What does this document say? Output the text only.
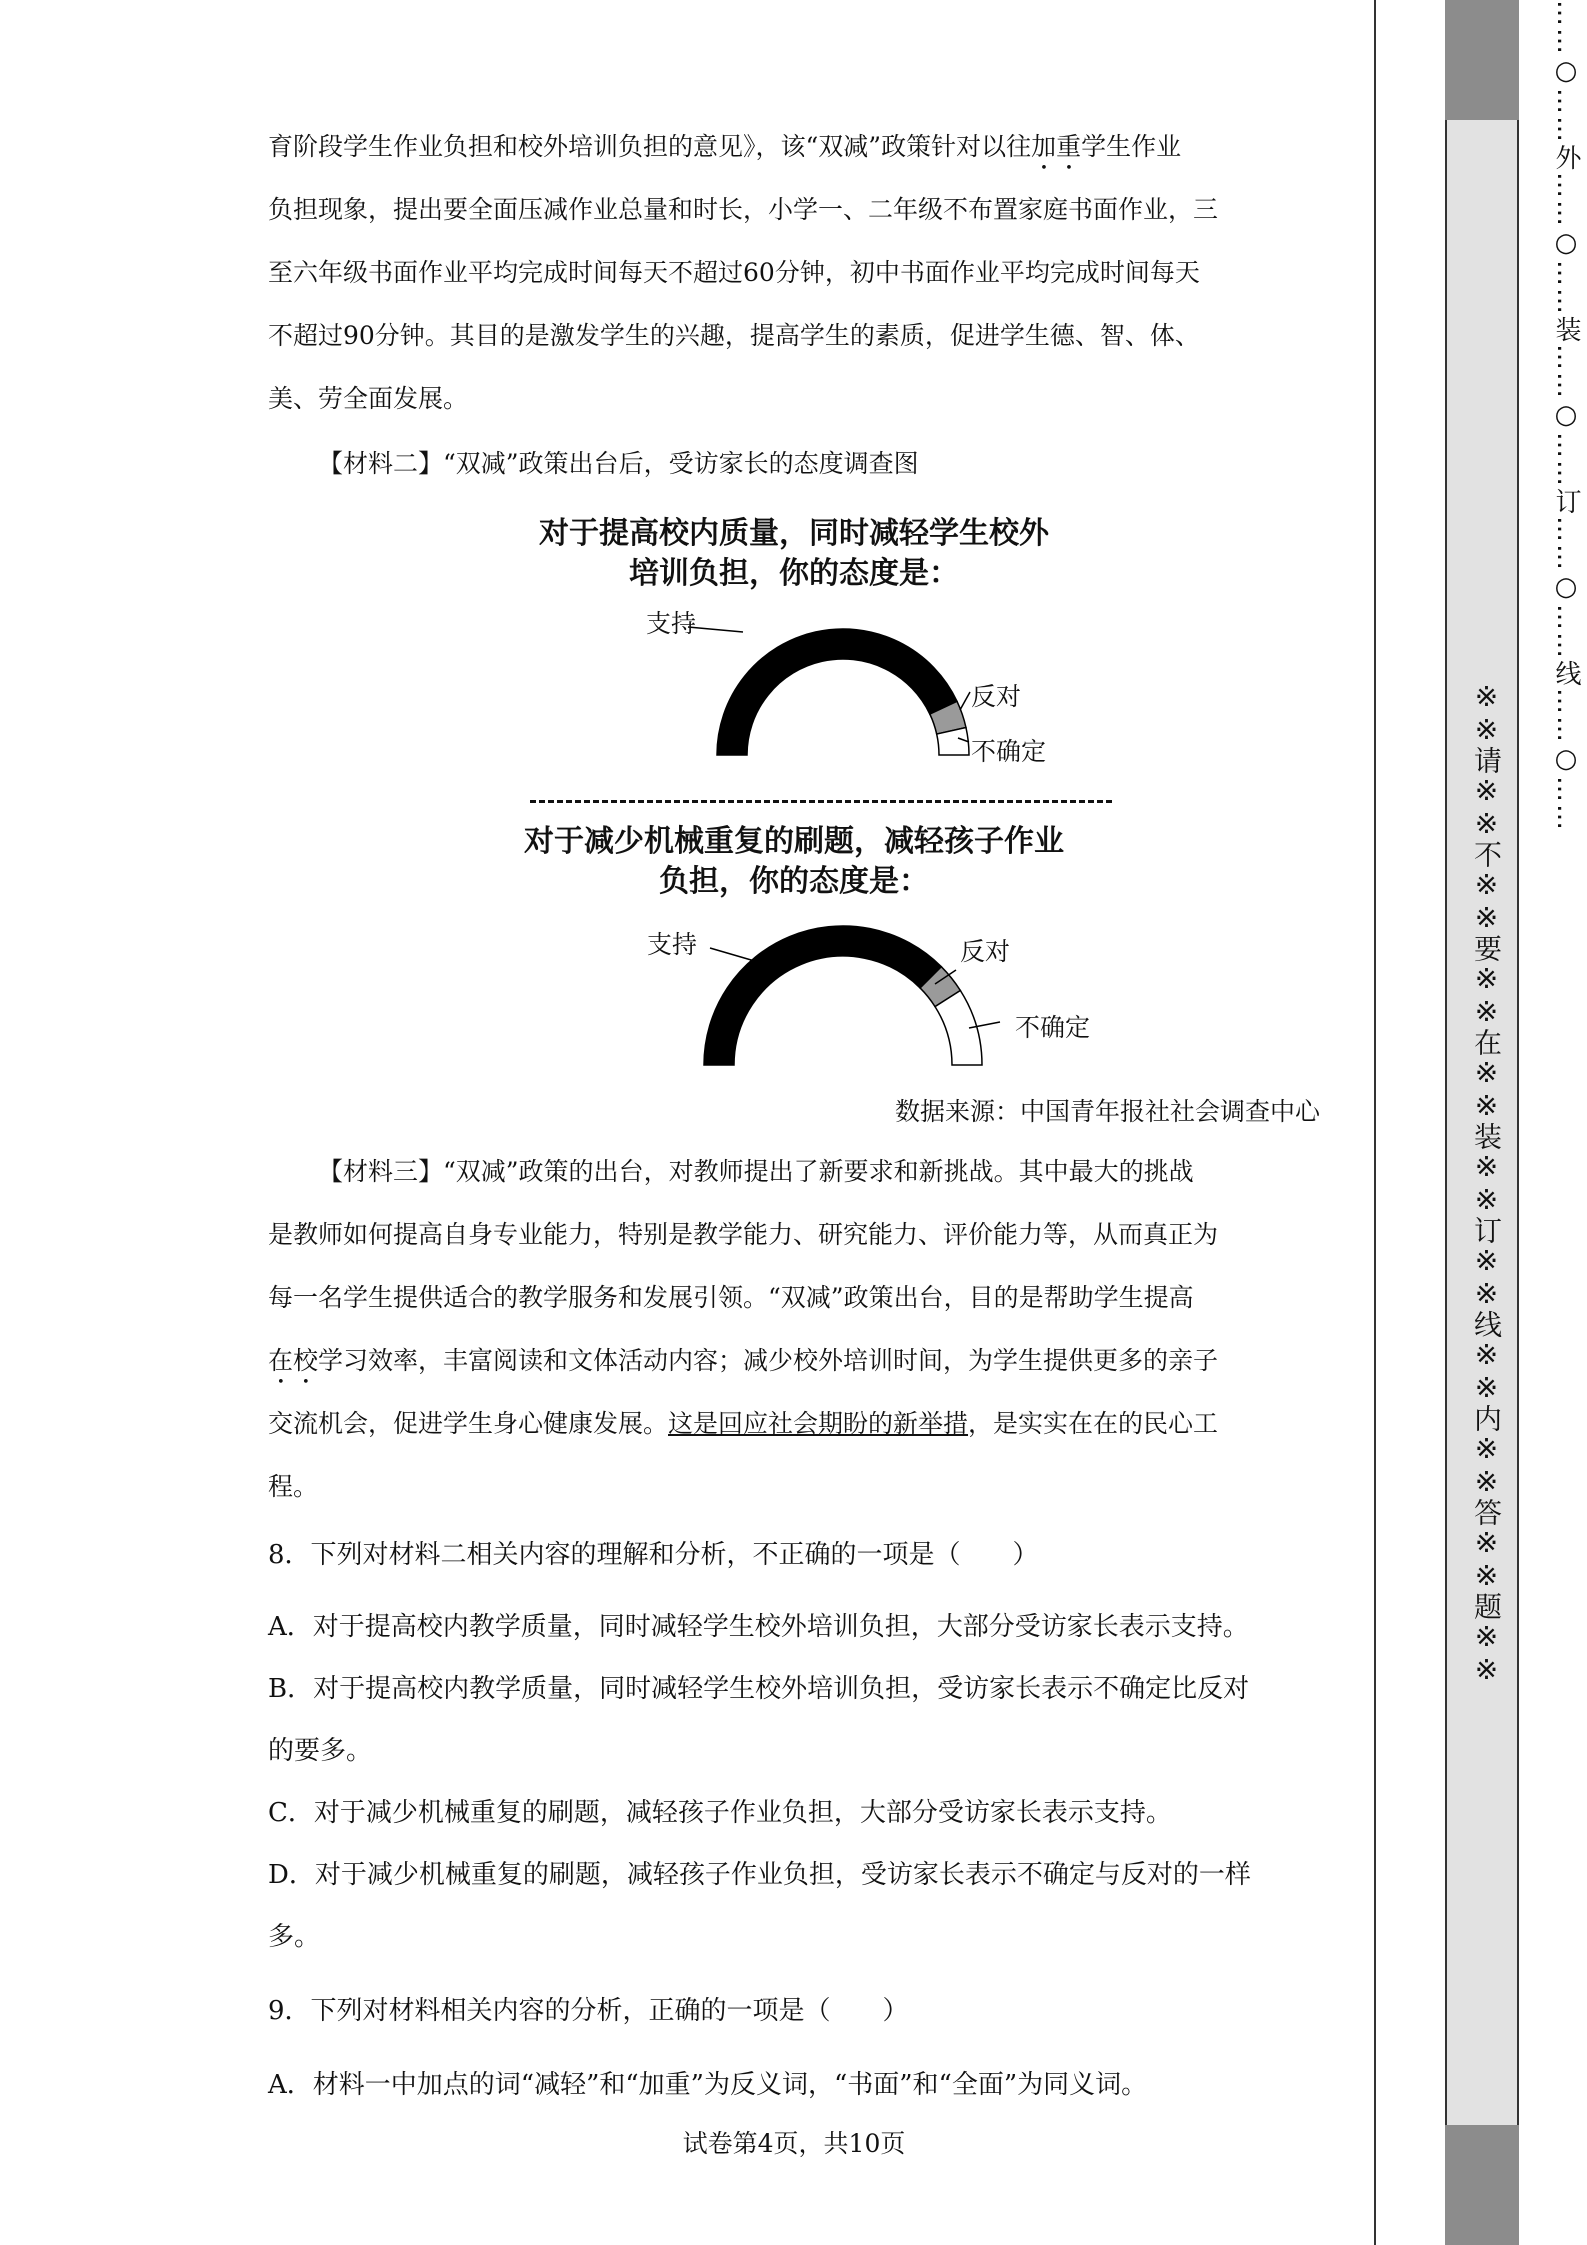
育阶段学生作业负担和校外培训负担的意见》，该“双减”政策针对以往加重学生作业

负担现象，提出要全面压减作业总量和时长，小学一、二年级不布置家庭书面作业，三

至六年级书面作业平均完成时间每天不超过60分钟，初中书面作业平均完成时间每天

不超过90分钟。其目的是激发学生的兴趣，提高学生的素质，促进学生德、智、体、

美、劳全面发展。

【材料二】“双减”政策出台后，受访家长的态度调查图

对于提高校内质量，同时减轻学生校外
培训负担，你的态度是：
支持
反对
不确定
对于减少机械重复的刷题，减轻孩子作业
负担，你的态度是：
支持	反对
不确定
数据来源：中国青年报社社会调查中心

【材料三】“双减”政策的出台，对教师提出了新要求和新挑战。其中最大的挑战

是教师如何提高自身专业能力，特别是教学能力、研究能力、评价能力等，从而真正为

每一名学生提供适合的教学服务和发展引领。“双减”政策出台，目的是帮助学生提高

在校学习效率，丰富阅读和文体活动内容；减少校外培训时间，为学生提供更多的亲子

交流机会，促进学生身心健康发展。这是回应社会期盼的新举措，是实实在在的民心工

程。

8．下列对材料二相关内容的理解和分析，不正确的一项是（　　）
A．对于提高校内教学质量，同时减轻学生校外培训负担，大部分受访家长表示支持。
B．对于提高校内教学质量，同时减轻学生校外培训负担，受访家长表示不确定比反对
的要多。
C．对于减少机械重复的刷题，减轻孩子作业负担，大部分受访家长表示支持。
D．对于减少机械重复的刷题，减轻孩子作业负担，受访家长表示不确定与反对的一样
多。
9．下列对材料相关内容的分析，正确的一项是（　　）
A．材料一中加点的词“减轻”和“加重”为反义词，“书面”和“全面”为同义词。
试卷第4页，共10页
※※请※※不※※要※※在※※装※※订※※线※※内※※答※※题※※
……○……外……○……装……○……订……○……线……○……
